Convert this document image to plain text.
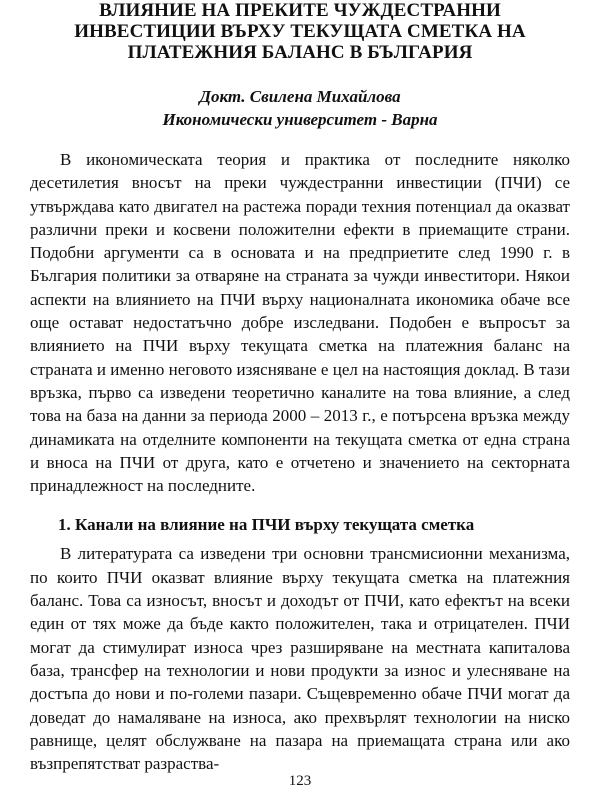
ВЛИЯНИЕ НА ПРЕКИТЕ ЧУЖДЕСТРАННИ
ИНВЕСТИЦИИ ВЪРХУ ТЕКУЩАТА СМЕТКА НА
ПЛАТЕЖНИЯ БАЛАНС В БЪЛГАРИЯ
Докт. Свилена Михайлова
Икономически университет - Варна

В икономическата теория и практика от последните няколко десетилетия вносът на преки чуждестранни инвестиции (ПЧИ) се утвърждава като двигател на растежа поради техния потенциал да оказват различни преки и косвени положителни ефекти в приемащите страни. Подобни аргументи са в основата и на предприетите след 1990 г. в България политики за отваряне на страната за чужди инвеститори. Някои аспекти на влиянието на ПЧИ върху националната икономика обаче все още остават недостатъчно добре изследвани. Подобен е въпросът за влиянието на ПЧИ върху текущата сметка на платежния баланс на страната и именно неговото изясняване е цел на настоящия доклад. В тази връзка, първо са изведени теоретично каналите на това влияние, а след това на база на данни за периода 2000 – 2013 г., е потърсена връзка между динамиката на отделните компоненти на текущата сметка от една страна и вноса на ПЧИ от друга, като е отчетено и значението на секторната принадлежност на последните.

1. Канали на влияние на ПЧИ върху текущата сметка

В литературата са изведени три основни трансмисионни механизма, по които ПЧИ оказват влияние върху текущата сметка на платежния баланс. Това са износът, вносът и доходът от ПЧИ, като ефектът на всеки един от тях може да бъде както положителен, така и отрицателен. ПЧИ могат да стимулират износа чрез разширяване на местната капиталова база, трансфер на технологии и нови продукти за износ и улесняване на достъпа до нови и по-големи пазари. Същевременно обаче ПЧИ могат да доведат до намаляване на износа, ако прехвърлят технологии на ниско равнище, целят обслужване на пазара на приемащата страна или ако възпрепятстват разраства-

123
